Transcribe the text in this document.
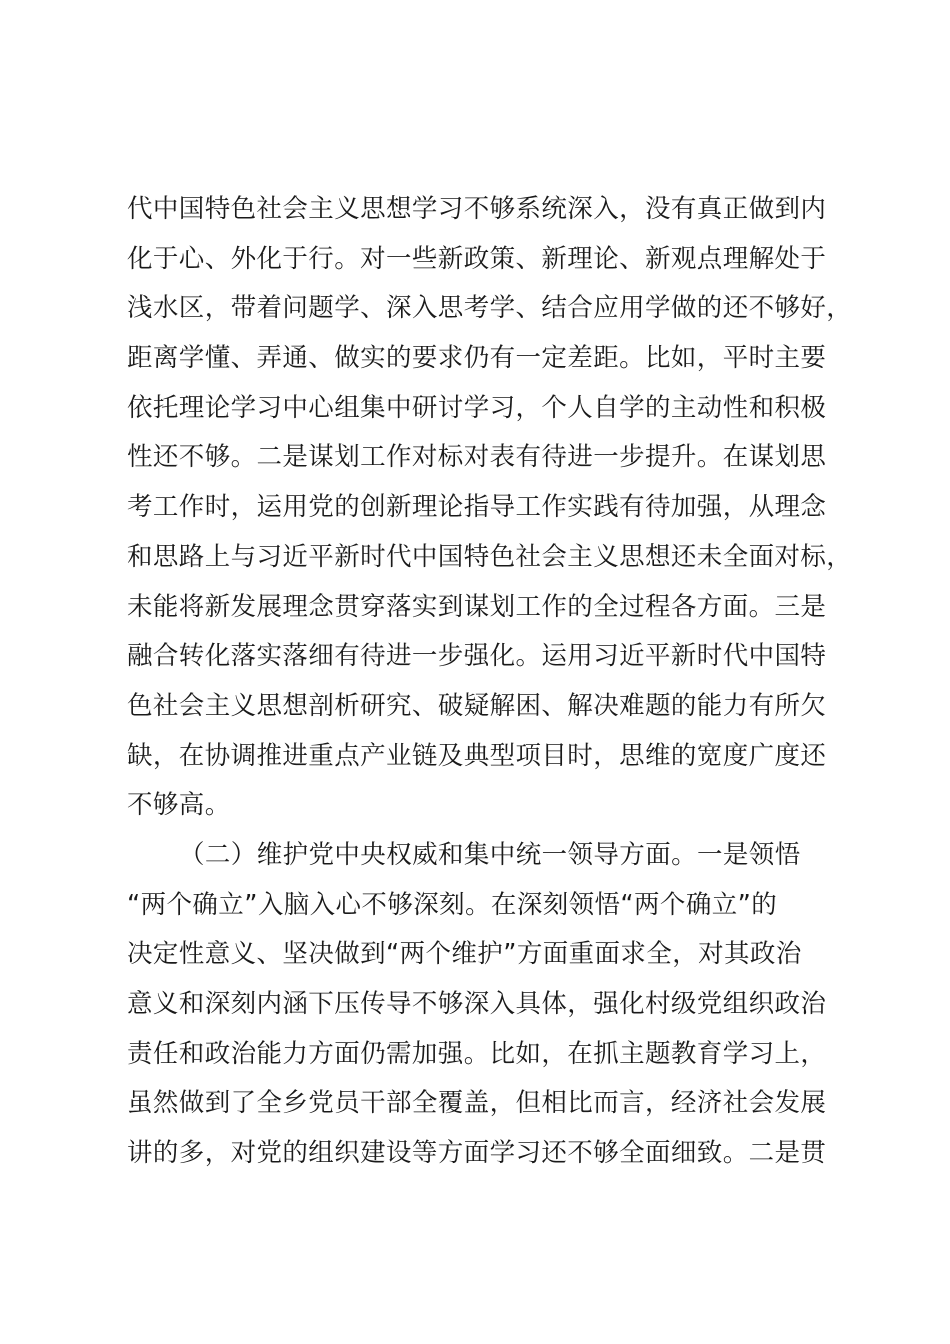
代中国特色社会主义思想学习不够系统深入，没有真正做到内
化于心、外化于行。对一些新政策、新理论、新观点理解处于
浅水区，带着问题学、深入思考学、结合应用学做的还不够好，
距离学懂、弄通、做实的要求仍有一定差距。比如，平时主要
依托理论学习中心组集中研讨学习，个人自学的主动性和积极
性还不够。二是谋划工作对标对表有待进一步提升。在谋划思
考工作时，运用党的创新理论指导工作实践有待加强，从理念
和思路上与习近平新时代中国特色社会主义思想还未全面对标，
未能将新发展理念贯穿落实到谋划工作的全过程各方面。三是
融合转化落实落细有待进一步强化。运用习近平新时代中国特
色社会主义思想剖析研究、破疑解困、解决难题的能力有所欠
缺，在协调推进重点产业链及典型项目时，思维的宽度广度还
不够高。
（二）维护党中央权威和集中统一领导方面。一是领悟
“两个确立”入脑入心不够深刻。在深刻领悟“两个确立”的
决定性意义、坚决做到“两个维护”方面重面求全，对其政治
意义和深刻内涵下压传导不够深入具体，强化村级党组织政治
责任和政治能力方面仍需加强。比如，在抓主题教育学习上，
虽然做到了全乡党员干部全覆盖，但相比而言，经济社会发展
讲的多，对党的组织建设等方面学习还不够全面细致。二是贯
